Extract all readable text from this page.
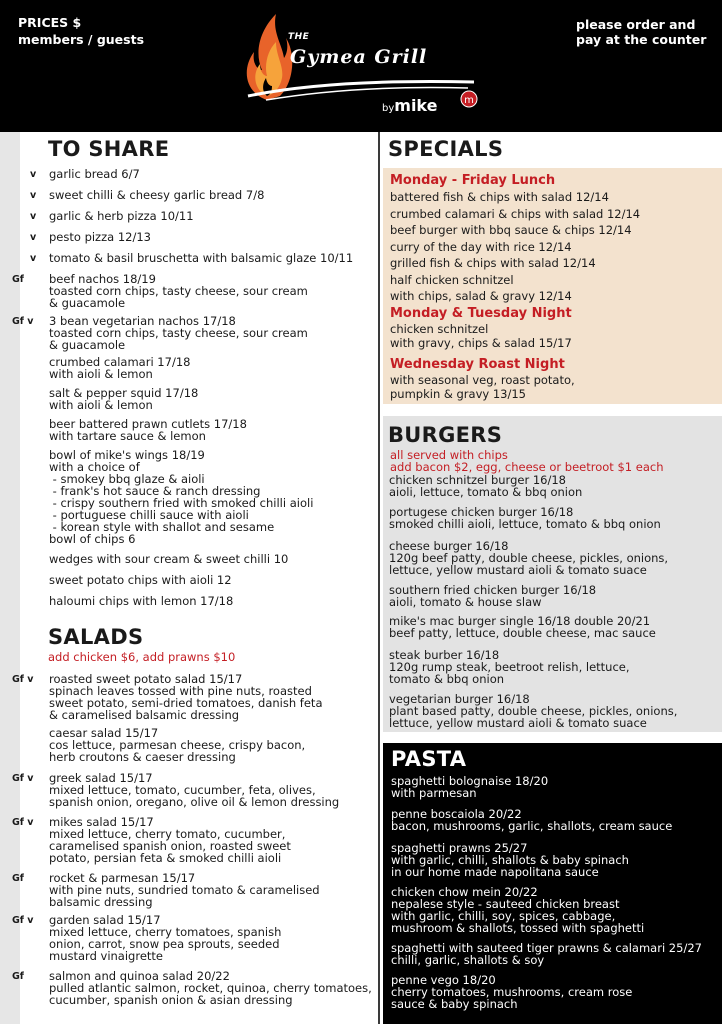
PRICES $
members / guests	THE
Gymea Grill
bymike	m
please order and
pay at the counter
TO SHARE
garlic bread 6/7
v
sweet chilli & cheesy garlic bread 7/8
v
garlic & herb pizza 10/11
v
pesto pizza 12/13
v
tomato & basil bruschetta with balsamic glaze 10/11
v
beef nachos 18/19
toasted corn chips, tasty cheese, sour cream
& guacamole
Gf
3 bean vegetarian nachos 17/18
toasted corn chips, tasty cheese, sour cream
& guacamole
Gf v
crumbed calamari 17/18
with aioli & lemon
salt & pepper squid 17/18
with aioli & lemon
beer battered prawn cutlets 17/18
with tartare sauce & lemon
bowl of mike's wings 18/19
with a choice of
- smokey bbq glaze & aioli
- frank's hot sauce & ranch dressing
- crispy southern fried with smoked chilli aioli
- portuguese chilli sauce with aioli
- korean style with shallot and sesame
bowl of chips 6
wedges with sour cream & sweet chilli 10
sweet potato chips with aioli 12
haloumi chips with lemon 17/18
SALADS
add chicken $6, add prawns $10
roasted sweet potato salad 15/17
spinach leaves tossed with pine nuts, roasted
sweet potato, semi-dried tomatoes, danish feta
& caramelised balsamic dressing
Gf v
caesar salad 15/17
cos lettuce, parmesan cheese, crispy bacon,
herb croutons & caeser dressing
greek salad 15/17
mixed lettuce, tomato, cucumber, feta, olives,
spanish onion, oregano, olive oil & lemon dressing
Gf v
mikes salad 15/17
mixed lettuce, cherry tomato, cucumber,
caramelised spanish onion, roasted sweet
potato, persian feta & smoked chilli aioli
Gf v
rocket & parmesan 15/17
with pine nuts, sundried tomato & caramelised
balsamic dressing
Gf
garden salad 15/17
mixed lettuce, cherry tomatoes, spanish
onion, carrot, snow pea sprouts, seeded
mustard vinaigrette
Gf v
salmon and quinoa salad 20/22
pulled atlantic salmon, rocket, quinoa, cherry tomatoes,
cucumber, spanish onion & asian dressing
Gf
SPECIALS
Monday - Friday Lunch
battered fish & chips with salad 12/14
crumbed calamari & chips with salad 12/14
beef burger with bbq sauce & chips 12/14
curry of the day with rice 12/14
grilled fish & chips with salad 12/14
half chicken schnitzel
with chips, salad & gravy 12/14
Monday & Tuesday Night
chicken schnitzel
with gravy, chips & salad 15/17
Wednesday Roast Night
with seasonal veg, roast potato,
pumpkin & gravy 13/15
BURGERS
all served with chips
add bacon $2, egg, cheese or beetroot $1 each
chicken schnitzel burger 16/18
aioli, lettuce, tomato & bbq onion
portugese chicken burger 16/18
smoked chilli aioli, lettuce, tomato & bbq onion
cheese burger 16/18
120g beef patty, double cheese, pickles, onions,
lettuce, yellow mustard aioli & tomato suace
southern fried chicken burger 16/18
aioli, tomato & house slaw
mike's mac burger single 16/18 double 20/21
beef patty, lettuce, double cheese, mac sauce
steak burber 16/18
120g rump steak, beetroot relish, lettuce,
tomato & bbq onion
vegetarian burger 16/18
plant based patty, double cheese, pickles, onions,
lettuce, yellow mustard aioli & tomato suace
PASTA
spaghetti bolognaise 18/20
with parmesan
penne boscaiola 20/22
bacon, mushrooms, garlic, shallots, cream sauce
spaghetti prawns 25/27
with garlic, chilli, shallots & baby spinach
in our home made napolitana sauce
chicken chow mein 20/22
nepalese style - sauteed chicken breast
with garlic, chilli, soy, spices, cabbage,
mushroom & shallots, tossed with spaghetti
spaghetti with sauteed tiger prawns & calamari 25/27
chilli, garlic, shallots & soy
penne vego 18/20
cherry tomatoes, mushrooms, cream rose
sauce & baby spinach
